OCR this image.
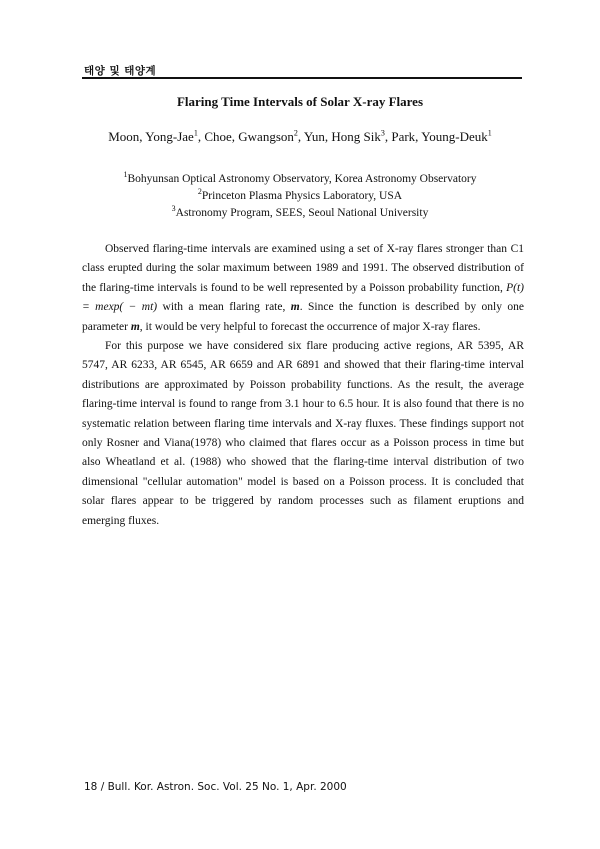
태양 및 태양계
Flaring Time Intervals of Solar X-ray Flares
Moon, Yong-Jae$^1$, Choe, Gwangson$^2$, Yun, Hong Sik$^3$, Park, Young-Deuk$^1$
$^1$Bohyunsan Optical Astronomy Observatory, Korea Astronomy Observatory
$^2$Princeton Plasma Physics Laboratory, USA
$^3$Astronomy Program, SEES, Seoul National University

Observed flaring-time intervals are examined using a set of X-ray flares stronger than C1 class erupted during the solar maximum between 1989 and 1991. The observed distribution of the flaring-time intervals is found to be well represented by a Poisson probability function, P(t) = mexp( − mt) with a mean flaring rate, m. Since the function is described by only one parameter m, it would be very helpful to forecast the occurrence of major X-ray flares.

For this purpose we have considered six flare producing active regions, AR 5395, AR 5747, AR 6233, AR 6545, AR 6659 and AR 6891 and showed that their flaring-time interval distributions are approximated by Poisson probability functions. As the result, the average flaring-time interval is found to range from 3.1 hour to 6.5 hour. It is also found that there is no systematic relation between flaring time intervals and X-ray fluxes. These findings support not only Rosner and Viana(1978) who claimed that flares occur as a Poisson process in time but also Wheatland et al. (1988) who showed that the flaring-time interval distribution of two dimensional "cellular automation" model is based on a Poisson process. It is concluded that solar flares appear to be triggered by random processes such as filament eruptions and emerging fluxes.

18 / Bull. Kor. Astron. Soc. Vol. 25 No. 1, Apr. 2000
